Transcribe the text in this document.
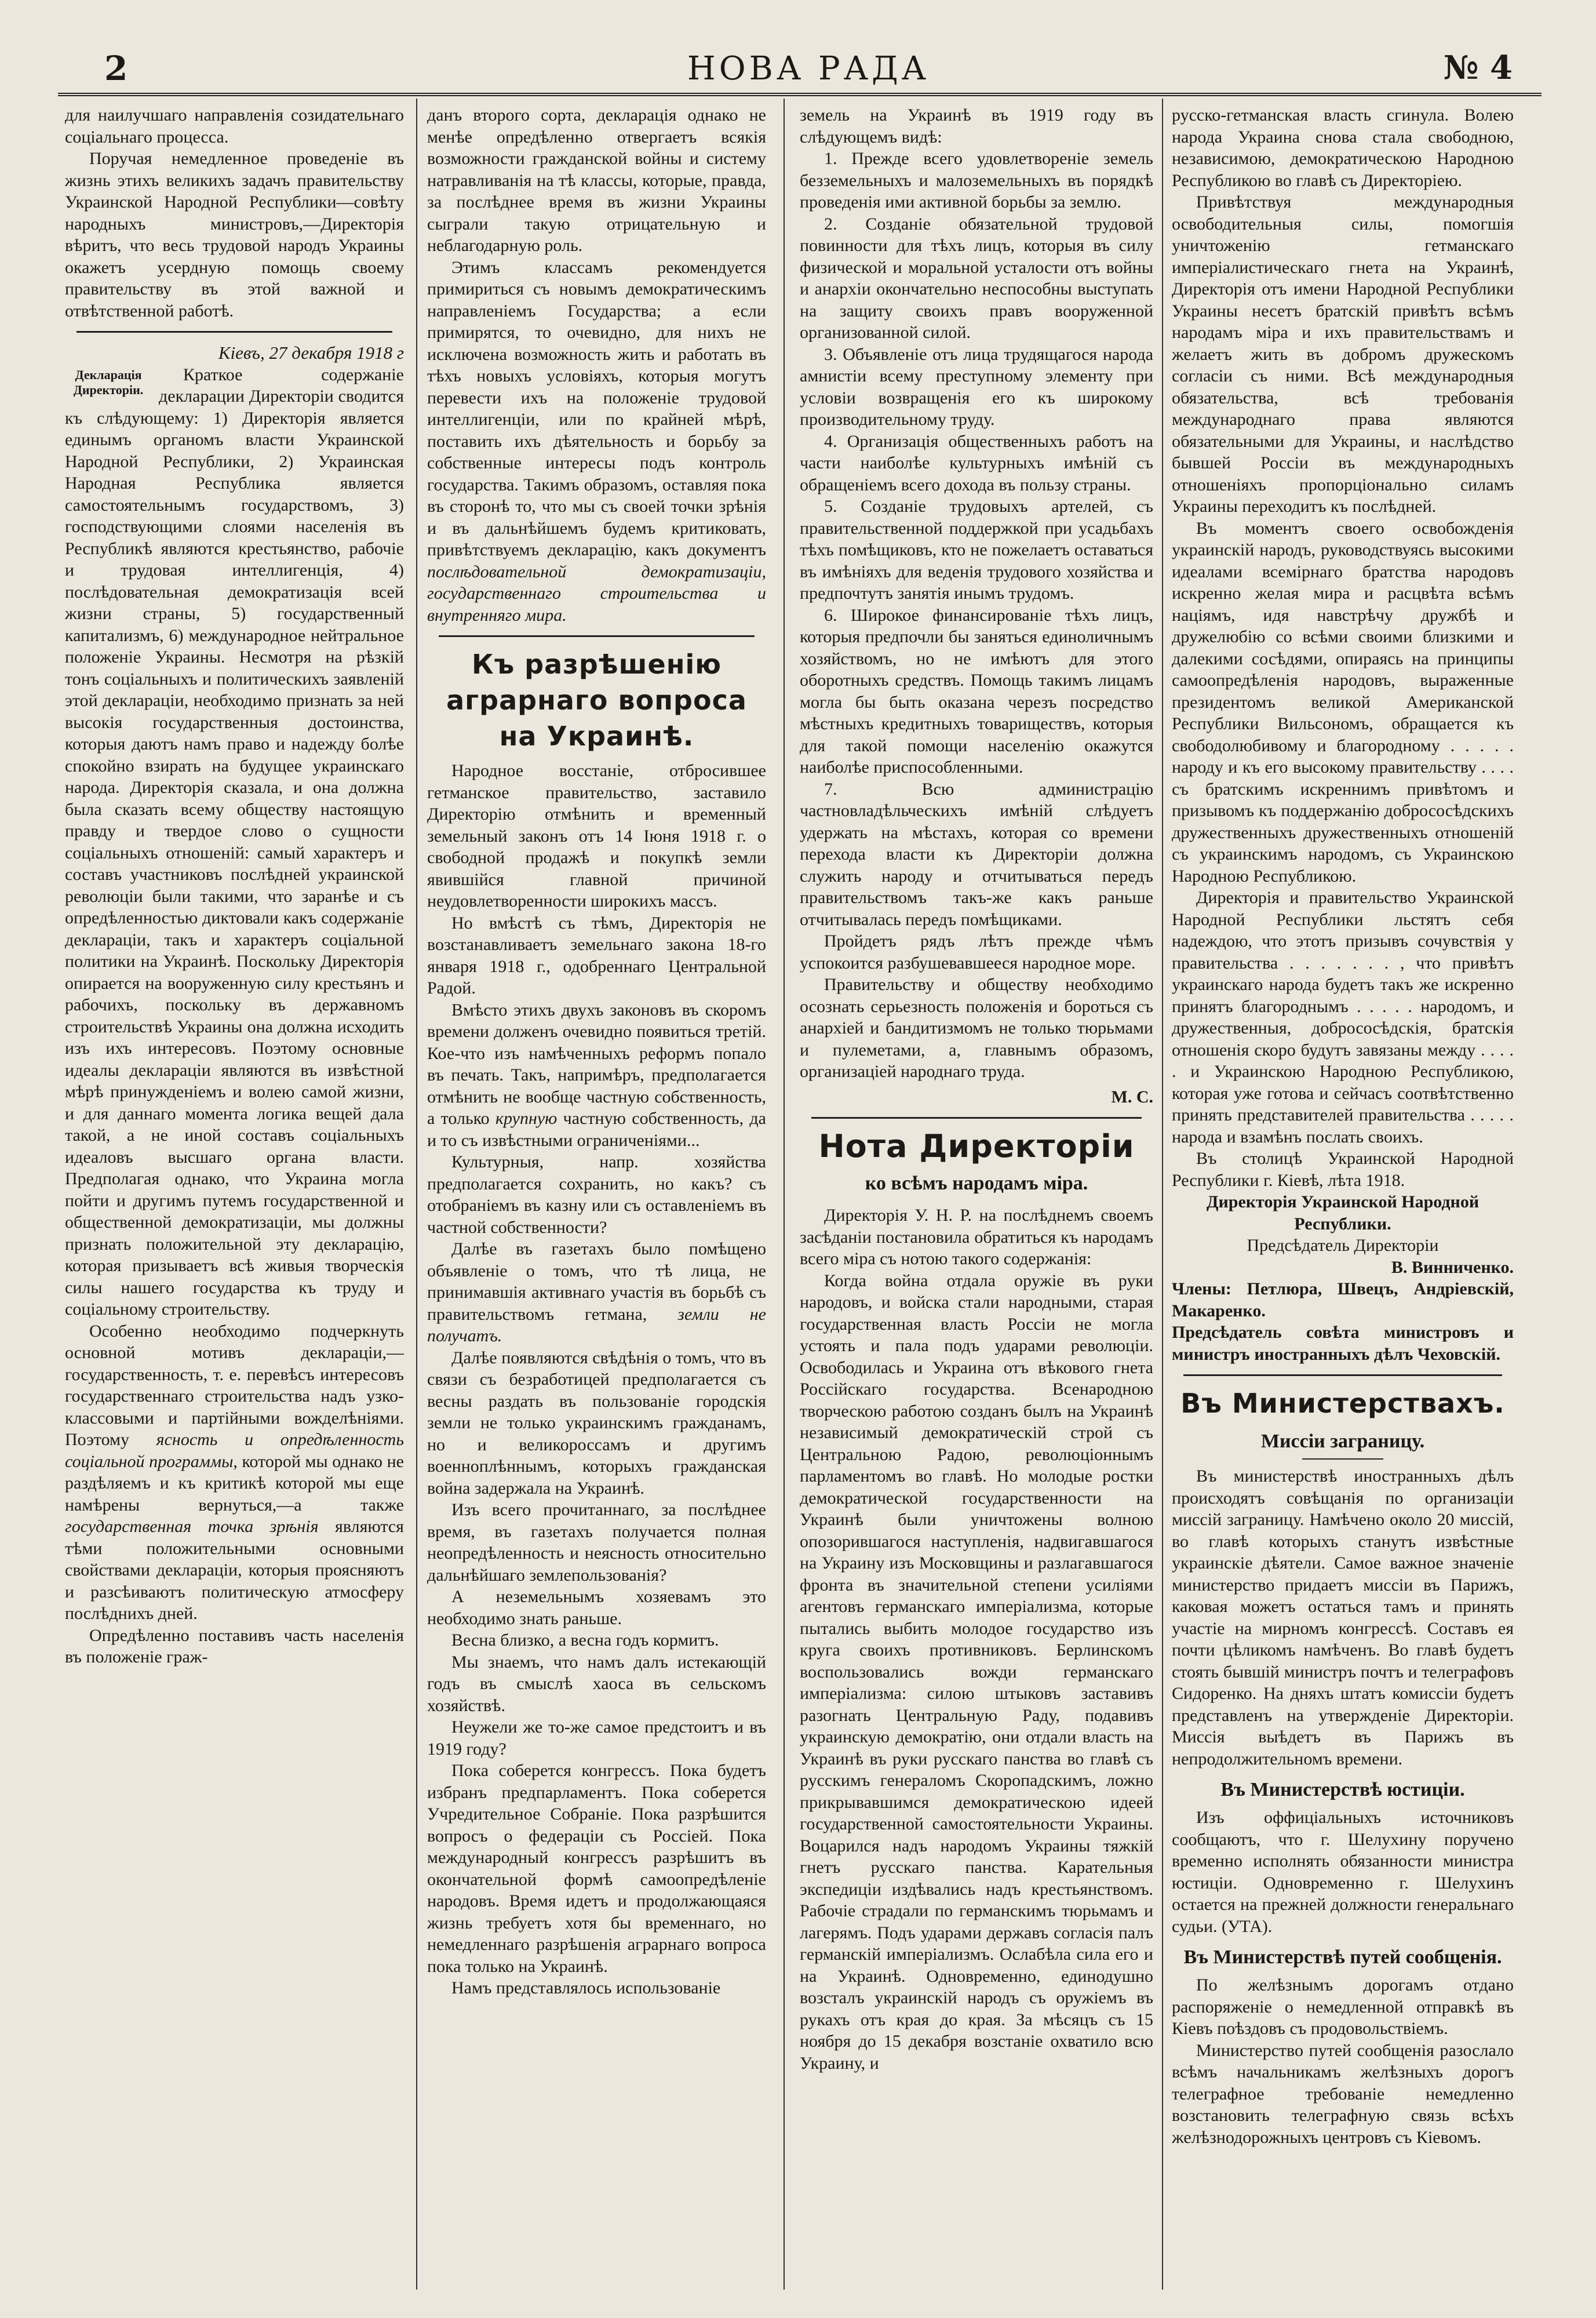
2	НОВА РАДА	№ 4

для наилучшаго направленія созидательнаго соціальнаго процесса.

Поручая немедленное проведеніе въ жизнь этихъ великихъ задачъ правительству Украинской Народной Республики—совѣту народныхъ министровъ,—Директорія вѣритъ, что весь трудовой народъ Украины окажетъ усердную помощь своему правительству въ этой важной и отвѣтственной работѣ.

Кіевъ, 27 декабря 1918 г
Декларація Директоріи.

Краткое содержаніе декларации Директоріи сводится къ слѣдующему: 1) Директорія является единымъ органомъ власти Украинской Народной Республики, 2) Украинская Народная Республика является самостоятельнымъ государствомъ, 3) господствующими слоями населенія въ Республикѣ являются крестьянство, рабочіе и трудовая интеллигенція, 4) послѣдовательная демократизація всей жизни страны, 5) государственный капитализмъ, 6) международное нейтральное положеніе Украины. Несмотря на рѣзкій тонъ соціальныхъ и политическихъ заявленій этой деклараціи, необходимо признать за ней высокія государственныя достоинства, которыя даютъ намъ право и надежду болѣе спокойно взирать на будущее украинскаго народа. Директорія сказала, и она должна была сказать всему обществу настоящую правду и твердое слово о сущности соціальныхъ отношеній: самый характеръ и составъ участниковъ послѣдней украинской революціи были такими, что заранѣе и съ опредѣленностью диктовали какъ содержаніе деклараціи, такъ и характеръ соціальной политики на Украинѣ. Поскольку Директорія опирается на вооруженную силу крестьянъ и рабочихъ, поскольку въ державномъ строительствѣ Украины она должна исходить изъ ихъ интересовъ. Поэтому основные идеалы деклараціи являются въ извѣстной мѣрѣ принужденіемъ и волею самой жизни, и для даннаго момента логика вещей дала такой, а не иной составъ соціальныхъ идеаловъ высшаго органа власти. Предполагая однако, что Украина могла пойти и другимъ путемъ государственной и общественной демократизаціи, мы должны признать положительной эту декларацію, которая призываетъ всѣ живыя творческія силы нашего государства къ труду и соціальному строительству.

Особенно необходимо подчеркнуть основной мотивъ деклараціи,—государственность, т. е. перевѣсъ интересовъ государственнаго строительства надъ узко-классовыми и партійными вожделѣніями. Поэтому ясность и опредѣленность соціальной программы, которой мы однако не раздѣляемъ и къ критикѣ которой мы еще намѣрены вернуться,—а также государственная точка зрѣнія являются тѣми положительными основными свойствами деклараціи, которыя проясняютъ и разсѣиваютъ политическую атмосферу послѣднихъ дней.

Опредѣленно поставивъ часть населенія въ положеніе граж-

данъ второго сорта, декларація однако не менѣе опредѣленно отвергаетъ всякія возможности гражданской войны и систему натравливанія на тѣ классы, которые, правда, за послѣднее время въ жизни Украины сыграли такую отрицательную и неблагодарную роль.

Этимъ классамъ рекомендуется примириться съ новымъ демократическимъ направленіемъ Государства; а если примирятся, то очевидно, для нихъ не исключена возможность жить и работать въ тѣхъ новыхъ условіяхъ, которыя могутъ перевести ихъ на положеніе трудовой интеллигенціи, или по крайней мѣрѣ, поставить ихъ дѣятельность и борьбу за собственные интересы подъ контроль государства. Такимъ образомъ, оставляя пока въ сторонѣ то, что мы съ своей точки зрѣнія и въ дальнѣйшемъ будемъ критиковать, привѣтствуемъ декларацію, какъ документъ послѣдовательной демократизаціи, государственнаго строительства и внутренняго мира.

Къ разрѣшенію аграрнаго вопроса на Украинѣ.

Народное восстаніе, отбросившее гетманское правительство, заставило Директорію отмѣнить и временный земельный законъ отъ 14 Іюня 1918 г. о свободной продажѣ и покупкѣ земли явившійся главной причиной неудовлетворенности широкихъ массъ.

Но вмѣстѣ съ тѣмъ, Директорія не возстанавливаетъ земельнаго закона 18-го января 1918 г., одобреннаго Центральной Радой.

Вмѣсто этихъ двухъ законовъ въ скоромъ времени долженъ очевидно появиться третій. Кое-что изъ намѣченныхъ реформъ попало въ печать. Такъ, напримѣръ, предполагается отмѣнить не вообще частную собственность, а только крупную частную собственность, да и то съ извѣстными ограниченіями...

Культурныя, напр. хозяйства предполагается сохранить, но какъ? съ отобраніемъ въ казну или съ оставленіемъ въ частной собственности?

Далѣе въ газетахъ было помѣщено объявленіе о томъ, что тѣ лица, не принимавшія активнаго участія въ борьбѣ съ правительствомъ гетмана, земли не получатъ.

Далѣе появляются свѣдѣнія о томъ, что въ связи съ безработицей предполагается съ весны раздать въ пользованіе городскія земли не только украинскимъ гражданамъ, но и великороссамъ и другимъ военноплѣннымъ, которыхъ гражданская война задержала на Украинѣ.

Изъ всего прочитаннаго, за послѣднее время, въ газетахъ получается полная неопредѣленность и неясность относительно дальнѣйшаго землепользованія?

А неземельнымъ хозяевамъ это необходимо знать раньше.

Весна близко, а весна годъ кормитъ.

Мы знаемъ, что намъ далъ истекающій годъ въ смыслѣ хаоса въ сельскомъ хозяйствѣ.

Неужели же то-же самое предстоитъ и въ 1919 году?

Пока соберется конгрессъ. Пока будетъ избранъ предпарламентъ. Пока соберется Учредительное Собраніе. Пока разрѣшится вопросъ о федераціи съ Россіей. Пока международный конгрессъ разрѣшитъ въ окончательной формѣ самоопредѣленіе народовъ. Время идетъ и продолжающаяся жизнь требуетъ хотя бы временнаго, но немедленнаго разрѣшенія аграрнаго вопроса пока только на Украинѣ.

Намъ представлялось использованіе

земель на Украинѣ въ 1919 году въ слѣдующемъ видѣ:

1. Прежде всего удовлетвореніе земель безземельныхъ и малоземельныхъ въ порядкѣ проведенія ими активной борьбы за землю.

2. Созданіе обязательной трудовой повинности для тѣхъ лицъ, которыя въ силу физической и моральной усталости отъ войны и анархіи окончательно неспособны выступать на защиту своихъ правъ вооруженной организованной силой.

3. Объявленіе отъ лица трудящагося народа амнистіи всему преступному элементу при условіи возвращенія его къ широкому производительному труду.

4. Организація общественныхъ работъ на части наиболѣе культурныхъ имѣній съ обращеніемъ всего дохода въ пользу страны.

5. Созданіе трудовыхъ артелей, съ правительственной поддержкой при усадьбахъ тѣхъ помѣщиковъ, кто не пожелаетъ оставаться въ имѣніяхъ для веденія трудового хозяйства и предпочтутъ занятія инымъ трудомъ.

6. Широкое финансированіе тѣхъ лицъ, которыя предпочли бы заняться единоличнымъ хозяйствомъ, но не имѣютъ для этого оборотныхъ средствъ. Помощь такимъ лицамъ могла бы быть оказана черезъ посредство мѣстныхъ кредитныхъ товариществъ, которыя для такой помощи населенію окажутся наиболѣе приспособленными.

7. Всю администрацію частновладѣльческихъ имѣній слѣдуетъ удержать на мѣстахъ, которая со времени перехода власти къ Директоріи должна служить народу и отчитываться передъ правительствомъ такъ-же какъ раньше отчитывалась передъ помѣщиками.

Пройдетъ рядъ лѣтъ прежде чѣмъ успокоится разбушевавшееся народное море.

Правительству и обществу необходимо осознать серьезность положенія и бороться съ анархіей и бандитизмомъ не только тюрьмами и пулеметами, а, главнымъ образомъ, организаціей народнаго труда.

М. С.
Нота Директоріи
ко всѣмъ народамъ міра.

Директорія У. Н. Р. на послѣднемъ своемъ засѣданіи постановила обратиться къ народамъ всего міра съ нотою такого содержанія:

Когда война отдала оружіе въ руки народовъ, и войска стали народными, старая государственная власть Россіи не могла устоять и пала подъ ударами революціи. Освободилась и Украина отъ вѣкового гнета Россійскаго государства. Всенародною творческою работою созданъ былъ на Украинѣ независимый демократическій строй съ Центральною Радою, революціоннымъ парламентомъ во главѣ. Но молодые ростки демократической государственности на Украинѣ были уничтожены волною опозорившагося наступленія, надвигавшагося на Украину изъ Московщины и разлагавшагося фронта въ значительной степени усиліями агентовъ германскаго имперіализма, которые пытались выбить молодое государство изъ круга своихъ противниковъ. Берлинскомъ воспользовались вожди германскаго имперіализма: силою штыковъ заставивъ разогнать Центральную Раду, подавивъ украинскую демократію, они отдали власть на Украинѣ въ руки русскаго панства во главѣ съ русскимъ генераломъ Скоропадскимъ, ложно прикрывавшимся демократическою идеей государственной самостоятельности Украины. Воцарился надъ народомъ Украины тяжкій гнетъ русскаго панства. Карательныя экспедиціи издѣвались надъ крестьянствомъ. Рабочіе страдали по германскимъ тюрьмамъ и лагерямъ. Подъ ударами державъ согласія палъ германскій имперіализмъ. Ослабѣла сила его и на Украинѣ. Одновременно, единодушно возсталъ украинскій народъ съ оружіемъ въ рукахъ отъ края до края. За мѣсяцъ съ 15 ноября до 15 декабря возстаніе охватило всю Украину, и

русско-гетманская власть сгинула. Волею народа Украина снова стала свободною, независимою, демократическою Народною Республикою во главѣ съ Директоріею.

Привѣтствуя международныя освободительныя силы, помогшія уничтоженію гетманскаго имперіалистическаго гнета на Украинѣ, Директорія отъ имени Народной Республики Украины несетъ братскій привѣтъ всѣмъ народамъ міра и ихъ правительствамъ и желаетъ жить въ добромъ дружескомъ согласіи съ ними. Всѣ международныя обязательства, всѣ требованія международнаго права являются обязательными для Украины, и наслѣдство бывшей Россіи въ международныхъ отношеніяхъ пропорціонально силамъ Украины переходитъ къ послѣдней.

Въ моментъ своего освобожденія украинскій народъ, руководствуясь высокими идеалами всемірнаго братства народовъ искренно желая мира и расцвѣта всѣмъ націямъ, идя навстрѣчу дружбѣ и дружелюбію со всѣми своими близкими и далекими сосѣдями, опираясь на принципы самоопредѣленія народовъ, выраженные президентомъ великой Американской Республики Вильсономъ, обращается къ свободолюбивому и благородному . . . . . народу и къ его высокому правительству . . . . съ братскимъ искреннимъ привѣтомъ и призывомъ къ поддержанію добрососѣдскихъ дружественныхъ дружественныхъ отношеній съ украинскимъ народомъ, съ Украинскою Народною Республикою.

Директорія и правительство Украинской Народной Республики льстятъ себя надеждою, что этотъ призывъ сочувствія у правительства . . . . . . . , что привѣтъ украинскаго народа будетъ такъ же искренно принятъ благороднымъ . . . . . народомъ, и дружественныя, добрососѣдскія, братскія отношенія скоро будутъ завязаны между . . . . . и Украинскою Народною Республикою, которая уже готова и сейчасъ соотвѣтственно принять представителей правительства . . . . . народа и взамѣнъ послать своихъ.

Въ столицѣ Украинской Народной Республики г. Кіевѣ, лѣта 1918.

Директорія Украинской Народной Республики.

Предсѣдатель Директоріи

В. Винниченко.

Члены: Петлюра, Швецъ, Андріевскій, Макаренко.

Предсѣдатель совѣта министровъ и министръ иностранныхъ дѣлъ Чеховскій.

Въ Министерствахъ.
Миссіи заграницу.

Въ министерствѣ иностранныхъ дѣлъ происходятъ совѣщанія по организаціи миссій заграницу. Намѣчено около 20 миссій, во главѣ которыхъ станутъ извѣстные украинскіе дѣятели. Самое важное значеніе министерство придаетъ миссіи въ Парижъ, каковая можетъ остаться тамъ и принять участіе на мирномъ конгрессѣ. Составъ ея почти цѣликомъ намѣченъ. Во главѣ будетъ стоять бывшій министръ почтъ и телеграфовъ Сидоренко. На дняхъ штатъ комиссіи будетъ представленъ на утвержденіе Директоріи. Миссія выѣдетъ въ Парижъ въ непродолжительномъ времени.

Въ Министерствѣ юстиціи.

Изъ оффиціальныхъ источниковъ сообщаютъ, что г. Шелухину поручено временно исполнять обязанности министра юстиціи. Одновременно г. Шелухинъ остается на прежней должности генеральнаго судьи. (УТА).

Въ Министерствѣ путей сообщенія.

По желѣзнымъ дорогамъ отдано распоряженіе о немедленной отправкѣ въ Кіевъ поѣздовъ съ продовольствіемъ.

Министерство путей сообщенія разослало всѣмъ начальникамъ желѣзныхъ дорогъ телеграфное требованіе немедленно возстановить телеграфную связь всѣхъ желѣзнодорожныхъ центровъ съ Кіевомъ.
